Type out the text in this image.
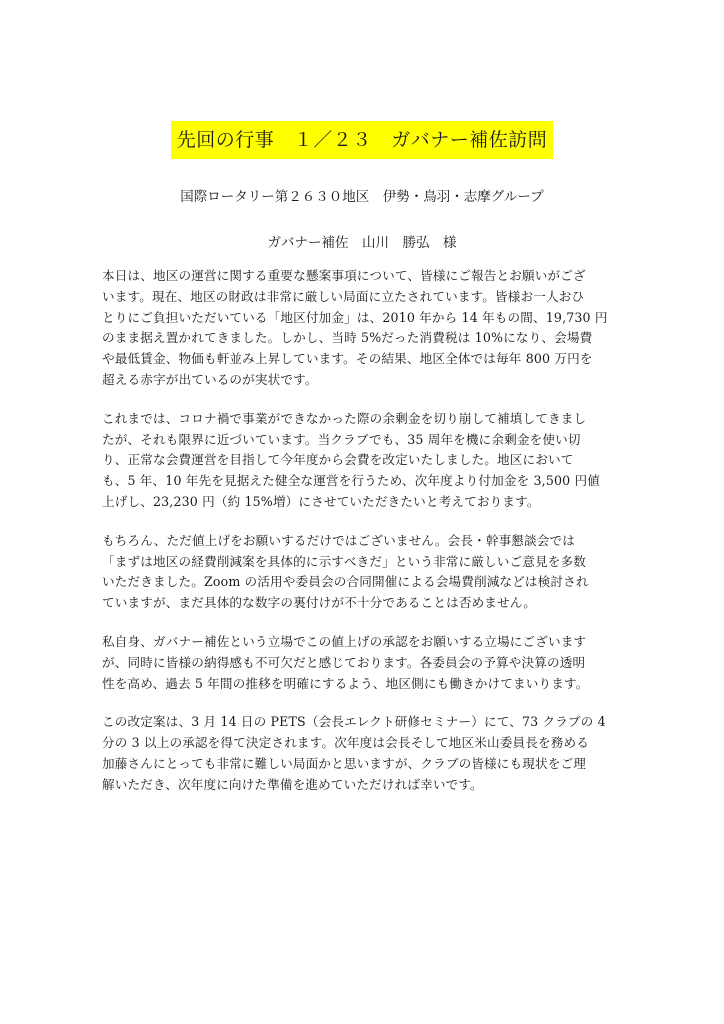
先回の行事　１／２３　ガバナー補佐訪問
国際ロータリー第２６３０地区　伊勢・鳥羽・志摩グループ
ガバナー補佐　山川　勝弘　様
本日は、地区の運営に関する重要な懸案事項について、皆様にご報告とお願いがござ
います。現在、地区の財政は非常に厳しい局面に立たされています。皆様お一人おひ
とりにご負担いただいている「地区付加金」は、2010 年から 14 年もの間、19,730 円
のまま据え置かれてきました。しかし、当時 5%だった消費税は 10%になり、会場費
や最低賃金、物価も軒並み上昇しています。その結果、地区全体では毎年 800 万円を
超える赤字が出ているのが実状です。
これまでは、コロナ禍で事業ができなかった際の余剰金を切り崩して補填してきまし
たが、それも限界に近づいています。当クラブでも、35 周年を機に余剰金を使い切
り、正常な会費運営を目指して今年度から会費を改定いたしました。地区において
も、5 年、10 年先を見据えた健全な運営を行うため、次年度より付加金を 3,500 円値
上げし、23,230 円（約 15%増）にさせていただきたいと考えております。
もちろん、ただ値上げをお願いするだけではございません。会長・幹事懇談会では
「まずは地区の経費削減案を具体的に示すべきだ」という非常に厳しいご意見を多数
いただきました。Zoom の活用や委員会の合同開催による会場費削減などは検討され
ていますが、まだ具体的な数字の裏付けが不十分であることは否めません。
私自身、ガバナー補佐という立場でこの値上げの承認をお願いする立場にございます
が、同時に皆様の納得感も不可欠だと感じております。各委員会の予算や決算の透明
性を高め、過去 5 年間の推移を明確にするよう、地区側にも働きかけてまいります。
この改定案は、3 月 14 日の PETS（会長エレクト研修セミナー）にて、73 クラブの 4
分の 3 以上の承認を得て決定されます。次年度は会長そして地区米山委員長を務める
加藤さんにとっても非常に難しい局面かと思いますが、クラブの皆様にも現状をご理
解いただき、次年度に向けた準備を進めていただければ幸いです。
